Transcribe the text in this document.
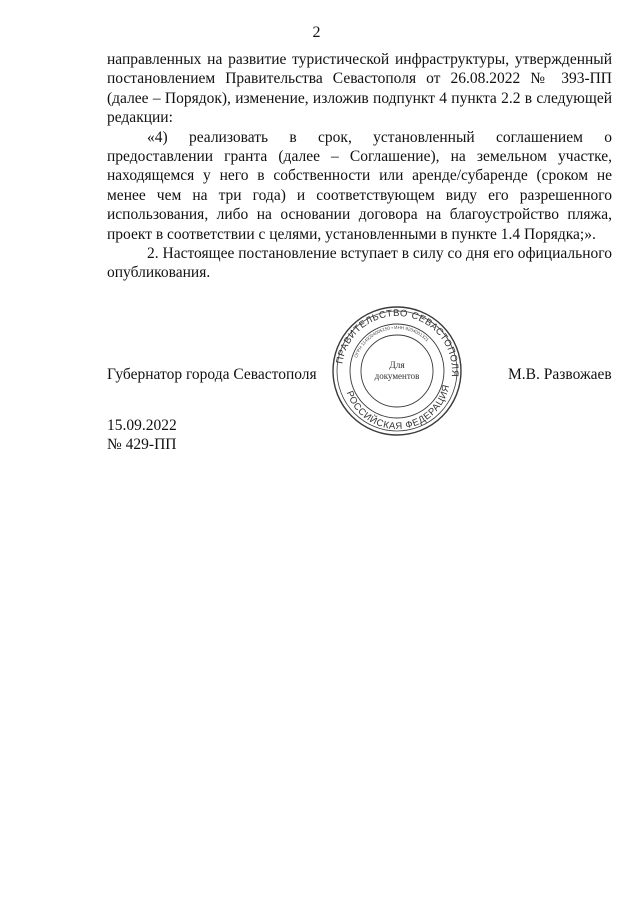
2

направленных на развитие туристической инфраструктуры, утвержденный постановлением Правительства Севастополя от 26.08.2022 № 393-ПП (далее – Порядок), изменение, изложив подпункт 4 пункта 2.2 в следующей редакции:

«4) реализовать в срок, установленный соглашением о предоставлении гранта (далее – Соглашение), на земельном участке, находящемся у него в собственности или аренде/субаренде (сроком не менее чем на три года) и соответствующем виду его разрешенного использования, либо на основании договора на благоустройство пляжа, проект в соответствии с целями, установленными в пункте 1.4 Порядка;».

2. Настоящее постановление вступает в силу со дня его официального опубликования.

Губернатор города Севастополя
ПРАВИТЕЛЬСТВО СЕВАСТОПОЛЯ
РОССИЙСКАЯ ФЕДЕРАЦИЯ
ОГРН 1149204005150 • ИНН 9204001321
Для
документов	М.В. Развожаев
15.09.2022
№ 429-ПП
